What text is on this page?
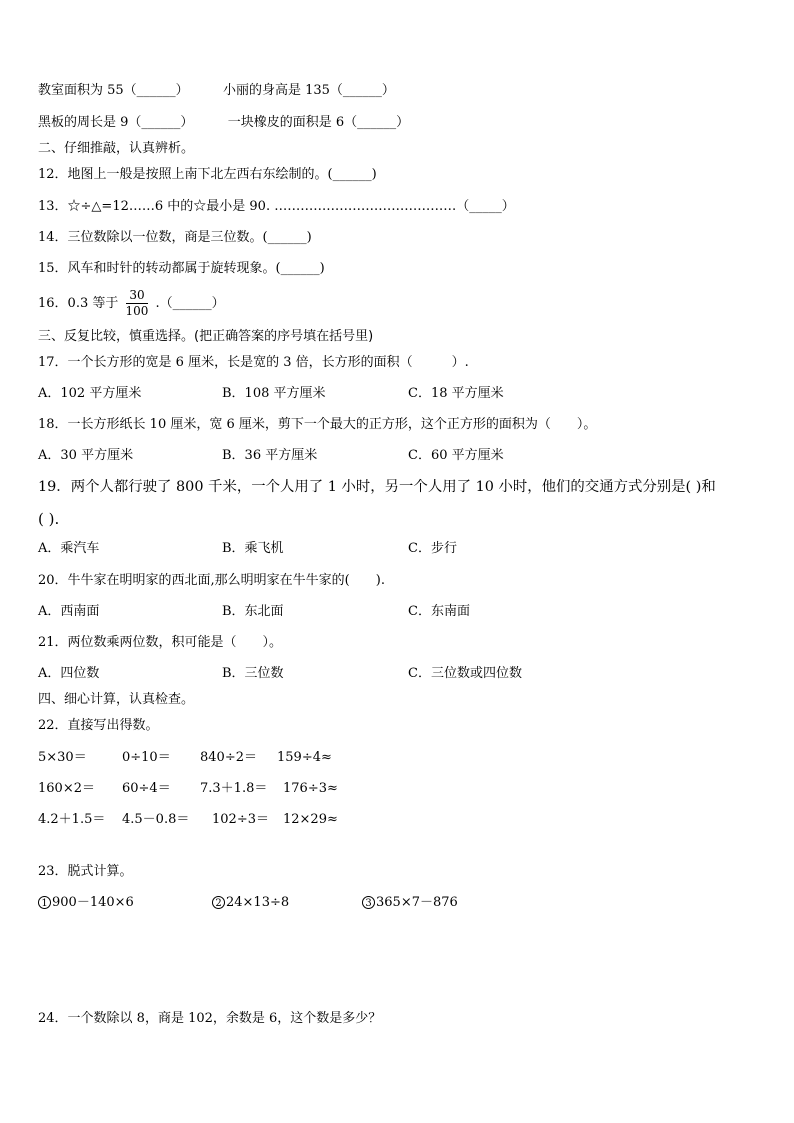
教室面积为 55（______）	小丽的身高是 135（______）
黑板的周长是 9（______）	一块橡皮的面积是 6（______）
二、仔细推敲，认真辨析。
12．地图上一般是按照上南下北左西右东绘制的。(______)
13．☆÷△=12……6 中的☆最小是 90. ……………………………………（_____）
14．三位数除以一位数，商是三位数。(______)
15．风车和时针的转动都属于旋转现象。(______)
16．0.3 等于 $\frac{30}{100}$ .（______）
三、反复比较，慎重选择。(把正确答案的序号填在括号里)
17．一个长方形的宽是 6 厘米，长是宽的 3 倍，长方形的面积（　　　）.
A．102 平方厘米	B．108 平方厘米	C．18 平方厘米
18．一长方形纸长 10 厘米，宽 6 厘米，剪下一个最大的正方形，这个正方形的面积为（　　）。
A．30 平方厘米	B．36 平方厘米	C．60 平方厘米
19．两个人都行驶了 800 千米，一个人用了 1 小时，另一个人用了 10 小时，他们的交通方式分别是( )和
( ).
A．乘汽车	B．乘飞机	C．步行
20．牛牛家在明明家的西北面,那么明明家在牛牛家的(　　).
A．西南面	B．东北面	C．东南面
21．两位数乘两位数，积可能是（　　）。
A．四位数	B．三位数	C．三位数或四位数
四、细心计算，认真检查。
22．直接写出得数。
5×30＝	0÷10＝ 840÷2＝ 159÷4≈
160×2＝ 60÷4＝ 7.3＋1.8＝ 176÷3≈
4.2＋1.5＝ 4.5－0.8＝ 102÷3＝ 12×29≈
23．脱式计算。
1 900－140×6	2 24×13÷8	3 365×7－876
24．一个数除以 8，商是 102，余数是 6，这个数是多少？
